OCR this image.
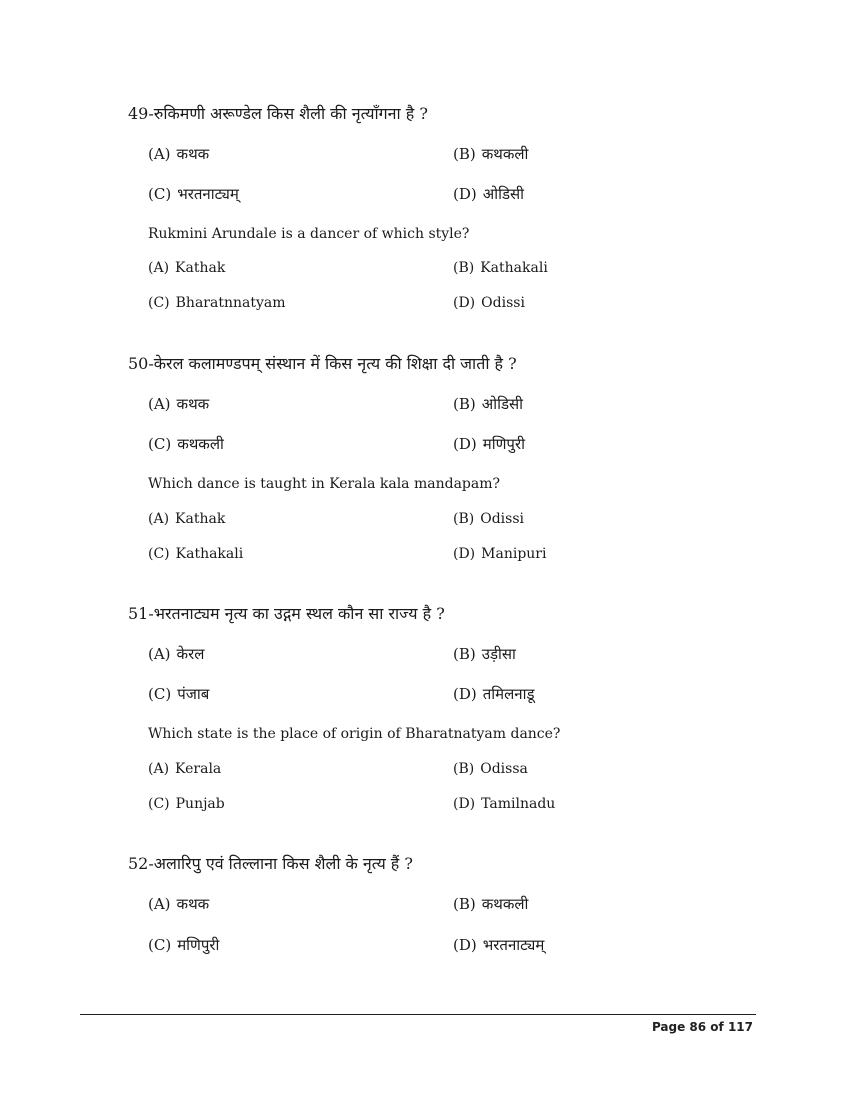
49-रुकिमणी अरूण्डेल किस शैली की नृत्याँगना है ?
(A) कथक	(B) कथकली
(C) भरतनाट्यम्	(D) ओडिसी
Rukmini Arundale is a dancer of which style?
(A) Kathak	(B) Kathakali
(C) Bharatnnatyam	(D) Odissi
50-केरल कलामण्डपम् संस्थान में किस नृत्य की शिक्षा दी जाती है ?
(A) कथक	(B) ओडिसी
(C) कथकली	(D) मणिपुरी
Which dance is taught in Kerala kala mandapam?
(A) Kathak	(B) Odissi
(C) Kathakali	(D) Manipuri
51-भरतनाट्यम नृत्य का उद्गम स्थल कौन सा राज्य है ?
(A) केरल	(B) उड़ीसा
(C) पंजाब	(D) तमिलनाडू
Which state is the place of origin of Bharatnatyam dance?
(A) Kerala	(B) Odissa
(C) Punjab	(D) Tamilnadu
52-अलारिपु एवं तिल्लाना किस शैली के नृत्य हैं ?
(A) कथक	(B) कथकली
(C) मणिपुरी	(D) भरतनाट्यम्
Page 86 of 117
